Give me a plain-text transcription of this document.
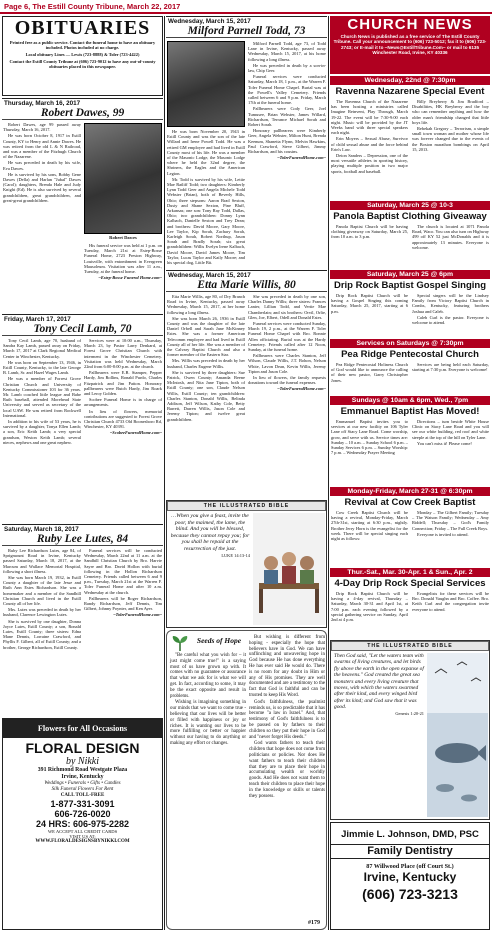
Page 6, The Estill County Tribune, March 22, 2017
OBITUARIES
Printed free as a public service. Contact the funeral home to have an obituary included. Photos included at no charge.
Local obituary Lines — Lewis (723-8888) & Toler (723-4422)
Contact the Estill County Tribune at (606) 723-9012 to have any out-of-county obituaries placed in this newspaper.
Thursday, March 16, 2017
Robert Dawes, 99

Robert Dawes, age 99 passed away Thursday, March 16, 2017.

He was born October 8, 1917 in Estill County, KY to Henry and Annie Dawes. He was retired from the old L & N Railroad, and was a member of the Fitzhugh Church of the Nazarene.

He was preceded in death by his wife, Eva Dawes.

He is survived by his sons, Bobby Gene Dawes (Della) and Harlan "Jubal" Dawes (Carol); daughters, Brenda Hale and Judy Knight (Ed). He is also survived by several grandchildren, great grandchildren, and great-great grandchildren.

Robert Dawes

His funeral service was held at 1 p.m. on Tuesday, March 21st at Estep-Bosse Funeral Home, 2723 Preston Highway, Louisville, with entombment in Evergreen Mausoleum. Visitation was after 11 a.m., Tuesday, at the funeral home.

~Estep-Bosse Funeral Home.com~

Friday, March 17, 2017
Tony Cecil Lamb, 70

Tony Cecil Lamb, age 70, husband of Sandra Kay Lamb, passed away on Friday, March 17, 2017 at Clark Regional Medical Center in Winchester, Kentucky.

He was born on September 13, 1946, in Estill County, Kentucky, to the late George B. Lamb, Sr. and Hazel Wages Lamb.

He was a member of Forrest Grove Christian Church and University of Kentucky Commissioner 103 for 36 years. Mr. Lamb coached little league and Babe Ruth baseball, attended Morehead State University and served as secretary of the local UAW. He was retired from Rockwell International.

In addition to his wife of 53 years, he is survived by a daughter, Tonya Ellen Lamb; a son, Eric Keith Lamb; a very special grandson, Weston Keith Lamb; several nieces, nephews and one great nephew.

Services were at 10:00 a.m., Thursday, March 23, by Pastor Larry Denkard, at Forest Grove Christian Church with interment in the Winchester Cemetery. Visitation was held Wednesday, March 22nd from 6:00-8:00 p.m. at the church.

Pallbearers were E.B. Stamper, Pepper Hardy, Jim Rollins, Ronald Purdo, Charles Fitzpatrick and Jim Patton. Honorary pallbearers were Butch Hardy, Jim Roark and Leroy Golden.

Scobee Funeral Home is in charge of arrangements.

In lieu of flowers, memorial contributions are suggested to Forest Grove Christian Church 4733 Old Boonesboro Rd, Winchester, KY 40391.

~ScobeeFuneralHome.com~

Saturday, March 18, 2017
Ruby Lee Lutes, 84

Ruby Lee Richardson Lutes, age 84, of Sprigmount Road in Irvine, Kentucky passed Saturday, March 18, 2017, at the Marcum and Wallace Memorial Hospital, following a short illness.

She was born March 19, 1932, in Estill County a daughter of the late Jesse and Ruth Ann Estes Richardson. She was a homemaker and a member of the Sandhill Christian Church and lived in the Estill County all of her life.

Mrs. Lutes was preceded in death by her husband, Clarence Lewington Lutes.

She is survived by one daughter, Donna Joyce Lutes, Estill County; a son, Ronald Lutes, Estill County; three sisters: Edna Mane Dennis, Lorraine Crawford, and Phyllis F. Gilbert, all of Estill County; and a brother, George Richardson, Estill County.

Funeral services will be conducted Wednesday, March 22nd at 11 a.m. at the Sandhill Christian Church by Bro. Harvie Sayre and Bro. David Hollon with burial following in the Hollon Richardson Cemetery. Friends called between 6 and 9 p.m., Tuesday, March 21st at the Warren F. Toler Funeral Home and after 10 a.m. Wednesday at the church.

Pallbearers will be Roger Richardson, Randy Richardson, Jeff Dennis, Tim Gilbert, Johnny Poynter, and Ken Ayer.

~TolerFuneralHome.com~

Flowers for All Occasions
FLORAL DESIGN
by Nikki
391 Richmond Road Westgate Plaza
Irvine, Kentucky
Weddings • Funerals • Gifts • Candles
Silk Funeral Flowers For Rent
CALL TOLL-FREE
1-877-331-3091
606-726-0020
24 HRS: 606-975-2282
WE ACCEPT ALL CREDIT CARDS
VISIT US AT:
WWW.FLORALDESIGNSBYNIKKI.COM
Wednesday, March 15, 2017
Milford Parnell Todd, 73

He was born November 20, 1943 in Estill County and was the son of the late Willard and Irene Powell Todd. He was a retired GM employee and had lived in Estill County most of his life. He was a member of the Masonic Lodge, the Masonic Lodge where he held the 32nd degree, the Shriners, the Eagles and the American Legion.

Mr. Todd is survived by his wife, Lettie Mae Ratliff Todd; two daughters: Kimberly Lynn Todd Geer and Angela Michele Todd Webster (Brian), both of Beverly Hills, Ohio; three stepsons: Aaron Brad Sexton, Dusty and Shane Sexton, Pine Bluff, Arkansas; one son: Tony Ray Todd, Dallas, Ohio; two grandchildren: Donny Lynn Kalbach, Danielle Sexton and Trey Dean; and brothers: David Moore, Gary Moore, Lee Taylor, Kip Sorah, Zachary Sorah, Karleigh Sorah, Robert Northup, Jason Sorah and Bradly Sorah; six great grandchildren: Willis Evelyn Irene Kalbach, David Moore, David James Moore, Tim Taylor, Lucas Taylor and Kaily Moore; and his special dog, Little Bit.

Milford Parnell Todd, age 73, of Todd Lane in Irvine, Kentucky, passed away Wednesday, March 15, 2017, at his home following a long illness.

He was preceded in death by a son-in-law, Chip Geer.

Funeral services were conducted Saturday, March 18, 1 p.m., at the Warren F. Toler Funeral Home Chapel. Burial was at the Powell's Valley Cemetery. Friends called between 6 and 9 p.m. Friday, March 17th at the funeral home.

Pallbearers were Cody Geer, Joel Tumusee, Brian Webster, James Willard, Richardson, Terrance Michael Sorah and Robert Sorah.

Honorary pallbearers were Kimberly Geer, Angela Webster, Milton Hunt, Brenda Keenum, Shanetta Flynn, Melvin Hawkins, Paul Crawford, Steve Gilbert, Jimmy Richardson, and his cousins.

~TolerFuneralHome.com~

Wednesday, March 15, 2017
Etta Marie Willis, 80

Etta Marie Willis, age 80, of Dry Branch Road in Irvine, Kentucky, passed away Wednesday, March 15, 2017, at her home following a long illness.

She was born March 26, 1936 in Estill County and was the daughter of the late Daniel Orbell and Sarah Jane McKinney Estes. She was a former American Telecomm employee and had lived in Estill County all of her life. She was a member of the Calvary Baptist Church and also a former member of the Eastern Star.

Mrs. Willis was preceded in death by her husband, Charles Eugene Willis.

She is survived by three daughters: Sue Patrick, Owen County; Amanda Beene McIntosh, and Nita Jane Tipton, both of Estill County; one son, Claude Nelson Willis, Estill County; ten grandchildren: Charles Stanton, Donald Willis, Belinda Addison, Jeff Wilson, Kathy Cole, Betty Barrett, Darren Willis, Jason Cole and Jeremy Tipton; and twelve great grandchildren.

She was preceded in death by one son, Charles Danny Willis; three sisters: Frances Lanier, Lillian Todd, and Vertie Mae Chamberlain; and six brothers: Orvil, Orlie, Glen, Joe, Elbert, Odell and Donald Estes.

Funeral services were conducted Sunday, March 19, 2 p.m., at the Warren F. Toler Funeral Home Chapel with Bro. Ronnie Allen officiating. Burial was at the Hardy Cemetery. Friends called after 12 Noon, Sunday, at the funeral home.

Pallbearers were Charles Stanton, Jeff Wilson, Claude Willis, J.T. Bohon, Nelson White, Lavon Dean, Kevin Willis, Jeremy Tipton and Jason Cole.

In lieu of flowers, the family requests donations toward the funeral expenses.

~TolerFuneralHome.com~

THE ILLUSTRATED BIBLE
…When you give a feast, invite the poor, the maimed, the lame, the blind. And you will be blessed, because they cannot repay you; for you shall be repaid at the resurrection of the just.
LUKE 14:13-14
Seeds of Hope

"Be careful what you wish for – it just might come true!" is a saying most of us have grown up with. It comes with no guarantee or assurance that what we ask for is what we will get. In fact, according to some, it may be the exact opposite and result in problems.

Wishing is imagining something in our minds that we want to come true - believing that our lives will be better or filled with happiness or joy or riches. It is wanting our lives to be more fulfilling or better or happier without our having to do anything or making any effort or changes.

But wishing is different from hoping - especially the hope that believers have in God. We can have unflinching and unwavering hope in God because He has done everything He has ever said He would do. There is no room for any doubt in Him or any of His promises. They are well documented and are a testimony to the fact that God is faithful and can be trusted to keep His Word.

God's faithfulness, the psalmist reminds us, is so predictable that it has become "a law in Israel." And, that testimony of God's faithfulness is to be passed on by fathers to their children so they put their hope in God and "never forget His deeds."

God wants fathers to teach their children that hope does not come from politicians or policies. Nor does He want fathers to teach their children that they are to place their hope in accumulating wealth or worldly goods. And He does not want them to teach their children to place their hope in the knowledge or skills or talents they possess.

#179
CHURCH NEWS
Church News is published as a free service of The Estill County Tribune. Call your announcement to (606) 723-5012; fax it to (606) 723-2743; or E-mail it to ~News@EstillTribune.Com~ or mail to 6135 Winchester Road, Irvine, KY 40336
Wednesday, 22nd @ 7:30pm
Ravenna Nazarene Special Event

The Ravenna Church of the Nazarene has been hosting a ministries called Imagine Reinvent, Play Through, March 19-22. The event will be 7:30-9:00 each night. Music will be provided by the JT Weeks band with three special speakers each night.

Erin Moyers – Sexual Abuse, Survivor of child sexual abuse and the force behind Erin's Law.

Deion Sanders – Depression, one of the most versatile athletes in sporting history, playing multiple position in two major sports, football and baseball.

Billy Breyberry & Jim Bradford – Disabilities, HK Breyberry and the boy who can remember anything and how the older man's friendship changed that little boys life.

Rebekah Gregory – Terrorism, a simple small town woman and mother whose life was forever changed due to the events of the Boston marathon bombings on April 15, 2013.

Saturday, March 25 @ 10-3
Panola Baptist Clothing Giveaway

Panola Baptist Church will be having clothing giveaway on Saturday, March 25, from 10 a.m. to 3 p.m.

The church is located at 1071 Panola Road, Waco. You can also turn on Highway 499 off KY 52 just McDonalds and it is approximately 13 minutes. Everyone is welcome.

Saturday, March 25 @ 6pm
Drip Rock Baptist Gospel Singing

Drip Rock Baptist Church will be having a Gospel Singing this coming Saturday, March 25, 2017, starting at 6 p.m.

Special singers will be the Lindsey Family from Victory Baptist Church in Combs, Kentucky, featuring brothers Joshua and Caleb.

Caleb Curl is the pastor. Everyone is welcome to attend.

Services on Saturdays @ 7:30pm
Pea Ridge Pentecostal Church

Pea Ridge Pentecostal Holiness Church of God would like to announce the calling of their new pastor, Garry Christopher Jones.

Services are being held each Saturday, starting at 7:30 p.m. Everyone is welcome!

Sundays @ 10am & 6pm, Wed., 7pm
Emmanuel Baptist Has Moved!

Emmanuel Baptist invites you to services at our new facility on 106 Tyler Lane off Stacy Lane Road. Come worship, grow, and serve with us. Service times are: Sunday – 10 a.m. – Sunday School 6 p.m. – Sunday Services 6 p.m. – Sunday Worship: 7 p.m. – Wednesday Prayer Meeting

Directions – turn beside White House Clinic on Stacy Lane Road and you will see our white building, red roof and white steeple at the top of the hill on Tyler Lane.

You can't miss it! Please come!

Monday-Friday, March 27-31 @ 6:30pm
Revival at Cow Creek Baptist

Cow Creek Baptist Church will be having a revival, Monday-Friday, March 27th-31st, starting at 6:30 p.m., nightly. Brother Jerry Horn is the evangelist for the week. There will be special singing each night as follows:

Monday – The Gilbert Family; Tuesday – The Watson Family; Wednesday – Amy Riddell; Thursday – God's Family Connection; Friday – The Full Creek Boys.

Everyone is invited to attend.

Thur.-Sat., Mar. 30-Apr. 1 & Sun., Apr. 2
4-Day Drip Rock Special Services

Drip Rock Baptist Church will be having a 4-day revival, Thursday – Saturday, March 30-31 and April 1st, at 7:00 p.m. each evening followed by a special gathering service on Sunday, April 2nd at 4 p.m.

Evangelists for these services will be Bro. Donald Vaughn and Bro. Coffee. Bro. Keith Curl and the congregation invite everyone to attend.

THE ILLUSTRATED BIBLE
Then God said, "Let the waters team with swarms of living creatures, and let birds fly above the earth in the open expanse of the heavens." God created the great sea monsters and every living creature that moves, with which the waters swarmed after their kind, and every winged bird after its kind; and God saw that it was good.
Genesis 1:20-21
Jimmie L. Johnson, DMD, PSC
Family Dentistry
87 Willwood Place (off Court St.)
Irvine, Kentucky
(606) 723-3213
